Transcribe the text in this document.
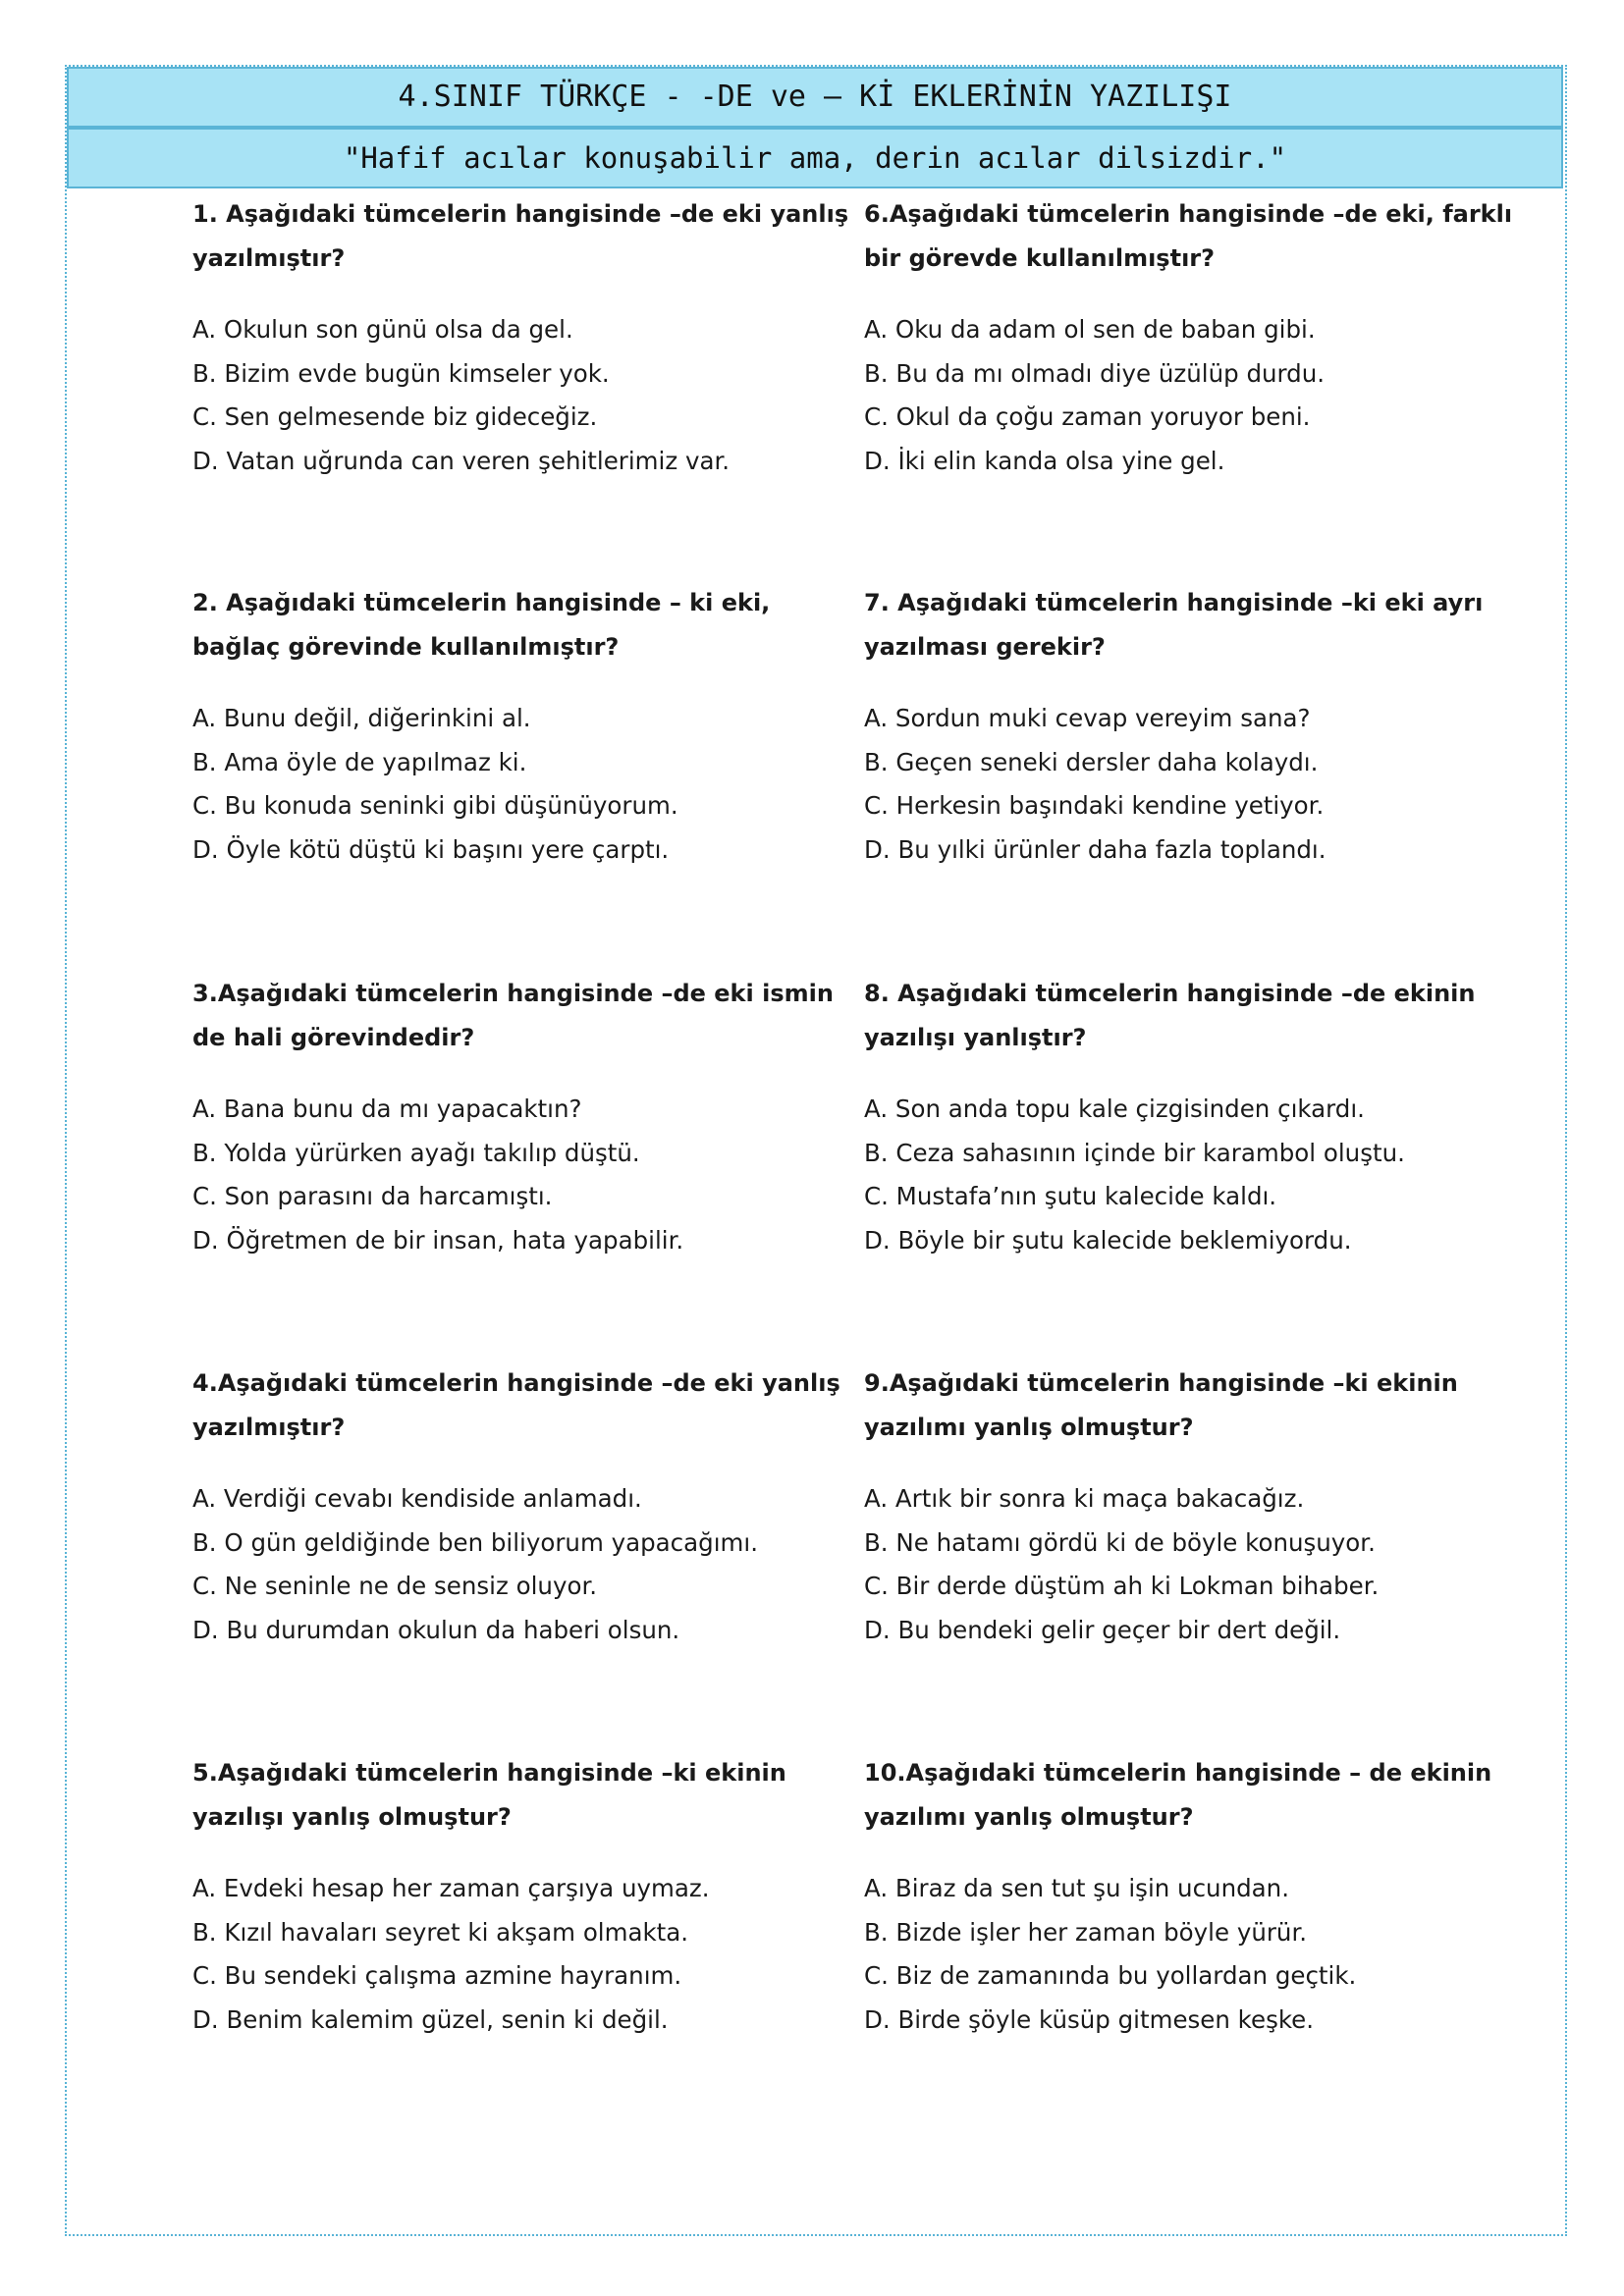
4.SINIF TÜRKÇE - -DE ve – Kİ EKLERİNİN YAZILIŞI
"Hafif acılar konuşabilir ama, derin acılar dilsizdir."

1. Aşağıdaki tümcelerin hangisinde –de eki yanlış yazılmıştır?

A. Okulun son günü olsa da gel.
B. Bizim evde bugün kimseler yok.
C. Sen gelmesende biz gideceğiz.
D. Vatan uğrunda can veren şehitlerimiz var.

6.Aşağıdaki tümcelerin hangisinde –de eki, farklı bir görevde kullanılmıştır?

A. Oku da adam ol sen de baban gibi.
B. Bu da mı olmadı diye üzülüp durdu.
C. Okul da çoğu zaman yoruyor beni.
D. İki elin kanda olsa yine gel.

2. Aşağıdaki tümcelerin hangisinde – ki eki, bağlaç görevinde kullanılmıştır?

A. Bunu değil, diğerinkini al.
B. Ama öyle de yapılmaz ki.
C. Bu konuda seninki gibi düşünüyorum.
D. Öyle kötü düştü ki başını yere çarptı.

7. Aşağıdaki tümcelerin hangisinde –ki eki ayrı yazılması gerekir?

A. Sordun muki cevap vereyim sana?
B. Geçen seneki dersler daha kolaydı.
C. Herkesin başındaki kendine yetiyor.
D. Bu yılki ürünler daha fazla toplandı.

3.Aşağıdaki tümcelerin hangisinde –de eki ismin de hali görevindedir?

A. Bana bunu da mı yapacaktın?
B. Yolda yürürken ayağı takılıp düştü.
C. Son parasını da harcamıştı.
D. Öğretmen de bir insan, hata yapabilir.

8. Aşağıdaki tümcelerin hangisinde –de ekinin yazılışı yanlıştır?

A. Son anda topu kale çizgisinden çıkardı.
B. Ceza sahasının içinde bir karambol oluştu.
C. Mustafa’nın şutu kalecide kaldı.
D. Böyle bir şutu kalecide beklemiyordu.

4.Aşağıdaki tümcelerin hangisinde –de eki yanlış yazılmıştır?

A. Verdiği cevabı kendiside anlamadı.
B. O gün geldiğinde ben biliyorum yapacağımı.
C. Ne seninle ne de sensiz oluyor.
D. Bu durumdan okulun da haberi olsun.

9.Aşağıdaki tümcelerin hangisinde –ki ekinin yazılımı yanlış olmuştur?

A. Artık bir sonra ki maça bakacağız.
B. Ne hatamı gördü ki de böyle konuşuyor.
C. Bir derde düştüm ah ki Lokman bihaber.
D. Bu bendeki gelir geçer bir dert değil.

5.Aşağıdaki tümcelerin hangisinde –ki ekinin yazılışı yanlış olmuştur?

A. Evdeki hesap her zaman çarşıya uymaz.
B. Kızıl havaları seyret ki akşam olmakta.
C. Bu sendeki çalışma azmine hayranım.
D. Benim kalemim güzel, senin ki değil.

10.Aşağıdaki tümcelerin hangisinde – de ekinin yazılımı yanlış olmuştur?

A. Biraz da sen tut şu işin ucundan.
B. Bizde işler her zaman böyle yürür.
C. Biz de zamanında bu yollardan geçtik.
D. Birde şöyle küsüp gitmesen keşke.
